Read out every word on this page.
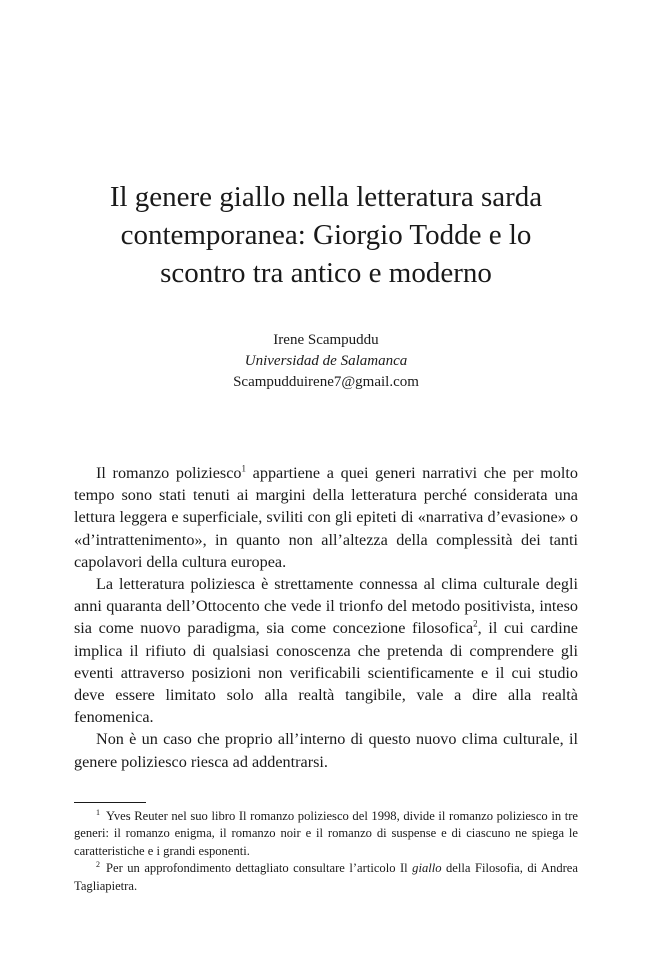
Il genere giallo nella letteratura sarda
contemporanea: Giorgio Todde e lo
scontro tra antico e moderno
Irene Scampuddu
Universidad de Salamanca
Scampudduirene7@gmail.com

Il romanzo poliziesco$^1$ appartiene a quei generi narrativi che per molto tempo sono stati tenuti ai margini della letteratura perché considerata una lettura leggera e superficiale, sviliti con gli epiteti di «narrativa d’evasione» o «d’intrattenimento», in quanto non all’altezza della complessità dei tanti capolavori della cultura europea.

La letteratura poliziesca è strettamente connessa al clima culturale degli anni quaranta dell’Ottocento che vede il trionfo del metodo positivista, inteso sia come nuovo paradigma, sia come concezione filosofica$^2$, il cui cardine implica il rifiuto di qualsiasi conoscenza che pretenda di comprendere gli eventi attraverso posizioni non verificabili scientificamente e il cui studio deve essere limitato solo alla realtà tangibile, vale a dire alla realtà fenomenica.

Non è un caso che proprio all’interno di questo nuovo clima culturale, il genere poliziesco riesca ad addentrarsi.

$^1$ Yves Reuter nel suo libro Il romanzo poliziesco del 1998, divide il romanzo poliziesco in tre generi: il romanzo enigma, il romanzo noir e il romanzo di suspense e di ciascuno ne spiega le caratteristiche e i grandi esponenti.

$^2$ Per un approfondimento dettagliato consultare l’articolo Il giallo della Filosofia, di Andrea Tagliapietra.
